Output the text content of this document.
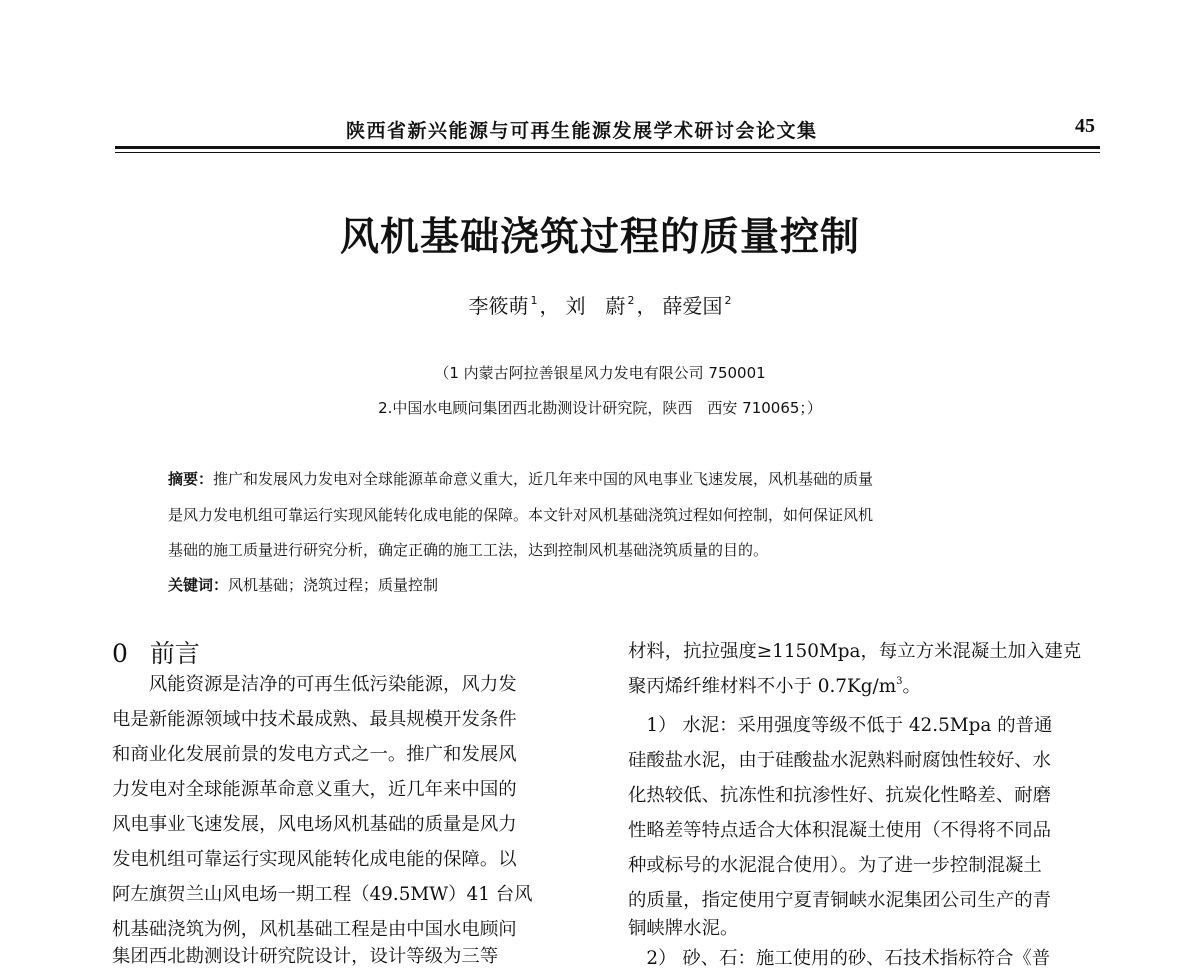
陕西省新兴能源与可再生能源发展学术研讨会论文集	45
风机基础浇筑过程的质量控制
李筱萌 $^1$ ， 刘　蔚 $^2$ ， 薛爱国 $^2$
（1 内蒙古阿拉善银星风力发电有限公司 750001
2.中国水电顾问集团西北勘测设计研究院，陕西　西安 710065；）
摘要：推广和发展风力发电对全球能源革命意义重大，近几年来中国的风电事业飞速发展，风机基础的质量
是风力发电机组可靠运行实现风能转化成电能的保障。本文针对风机基础浇筑过程如何控制，如何保证风机
基础的施工质量进行研究分析，确定正确的施工工法，达到控制风机基础浇筑质量的目的。
关键词：风机基础；浇筑过程；质量控制
0 前言
　　风能资源是洁净的可再生低污染能源，风力发
电是新能源领域中技术最成熟、最具规模开发条件
和商业化发展前景的发电方式之一。推广和发展风
力发电对全球能源革命意义重大，近几年来中国的
风电事业飞速发展，风电场风机基础的质量是风力
发电机组可靠运行实现风能转化成电能的保障。以
阿左旗贺兰山风电场一期工程（49.5MW）41 台风
机基础浇筑为例，风机基础工程是由中国水电顾问
集团西北勘测设计研究院设计，设计等级为三等
材料，抗拉强度≥1150Mpa，每立方米混凝土加入建克
聚丙烯纤维材料不小于 $0.7Kg/m^3$。
　1） 水泥：采用强度等级不低于 42.5Mpa 的普通
硅酸盐水泥，由于硅酸盐水泥熟料耐腐蚀性较好、水
化热较低、抗冻性和抗渗性好、抗炭化性略差、耐磨
性略差等特点适合大体积混凝土使用（不得将不同品
种或标号的水泥混合使用）。为了进一步控制混凝土
的质量，指定使用宁夏青铜峡水泥集团公司生产的青
铜峡牌水泥。
　2） 砂、石：施工使用的砂、石技术指标符合《普
